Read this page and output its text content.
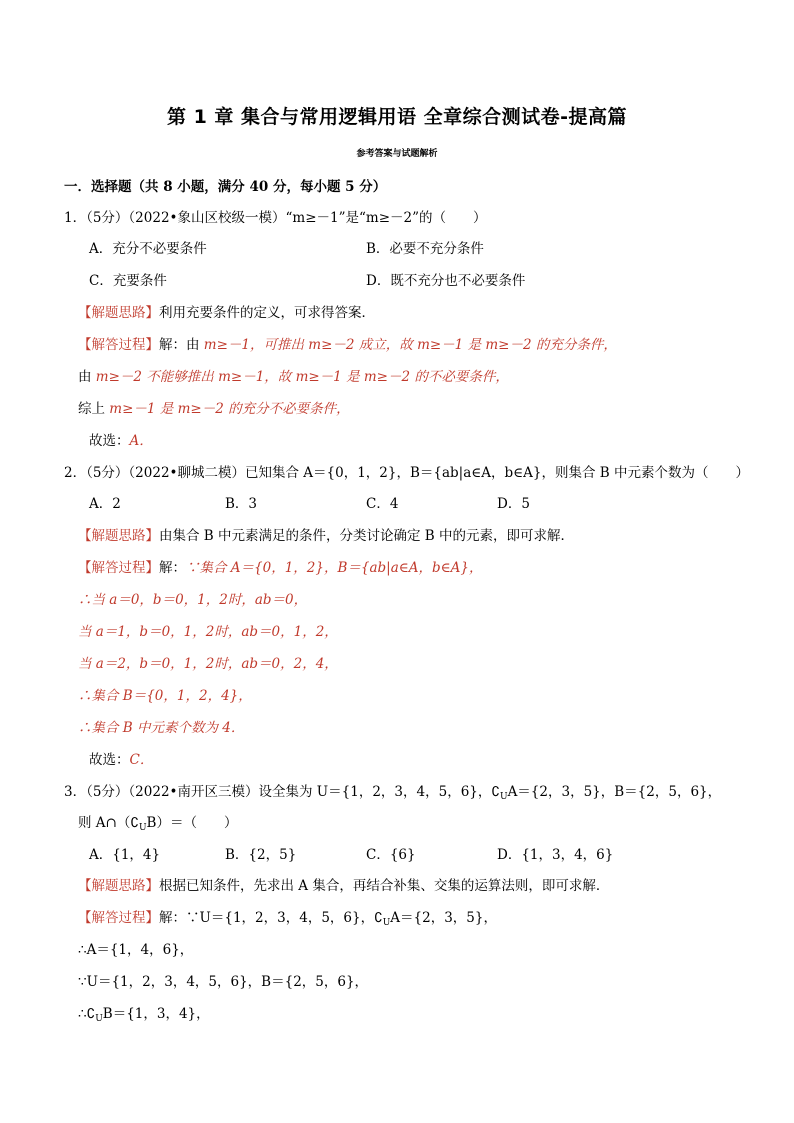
第 1 章 集合与常用逻辑用语 全章综合测试卷-提高篇
参考答案与试题解析
一．选择题（共 8 小题，满分 40 分，每小题 5 分）
1．（5分）（2022•象山区校级一模）“m≥－1”是“m≥－2”的（　　）
A．充分不必要条件	B．必要不充分条件
C．充要条件	D．既不充分也不必要条件
【解题思路】利用充要条件的定义，可求得答案．
【解答过程】解：由 m≥－1，可推出 m≥－2 成立，故 m≥－1 是 m≥－2 的充分条件，
由 m≥－2 不能够推出 m≥－1，故 m≥－1 是 m≥－2 的不必要条件，
综上 m≥－1 是 m≥－2 的充分不必要条件，
故选：A．
2．（5分）（2022•聊城二模）已知集合 A＝{0，1，2}，B＝{ab|a∈A，b∈A}，则集合 B 中元素个数为（　　）
A．2	B．3	C．4	D．5
【解题思路】由集合 B 中元素满足的条件，分类讨论确定 B 中的元素，即可求解．
【解答过程】解：∵集合 A＝{0，1，2}，B＝{ab|a∈A，b∈A}，
∴当 a＝0，b＝0，1，2时，ab＝0，
当 a＝1，b＝0，1，2时，ab＝0，1，2，
当 a＝2，b＝0，1，2时，ab＝0，2，4，
∴集合 B＝{0，1，2，4}，
∴集合 B 中元素个数为 4．
故选：C．
3．（5分）（2022•南开区三模）设全集为 U＝{1，2，3，4，5，6}，$∁_UA=\{2$，3，5}，B＝{2，5，6}，
则 $A\cap(∁_UB)=$（　　）
A．{1，4}	B．{2，5}	C．{6}	D．{1，3，4，6}
【解题思路】根据已知条件，先求出 A 集合，再结合补集、交集的运算法则，即可求解．
【解答过程】解：∵U＝{1，2，3，4，5，6}，$∁_UA=\{2$，3，5}，
∴A＝{1，4，6}，
∵U＝{1，2，3，4，5，6}，B＝{2，5，6}，
$\therefore∁_UB=\{1$，3，4}，
